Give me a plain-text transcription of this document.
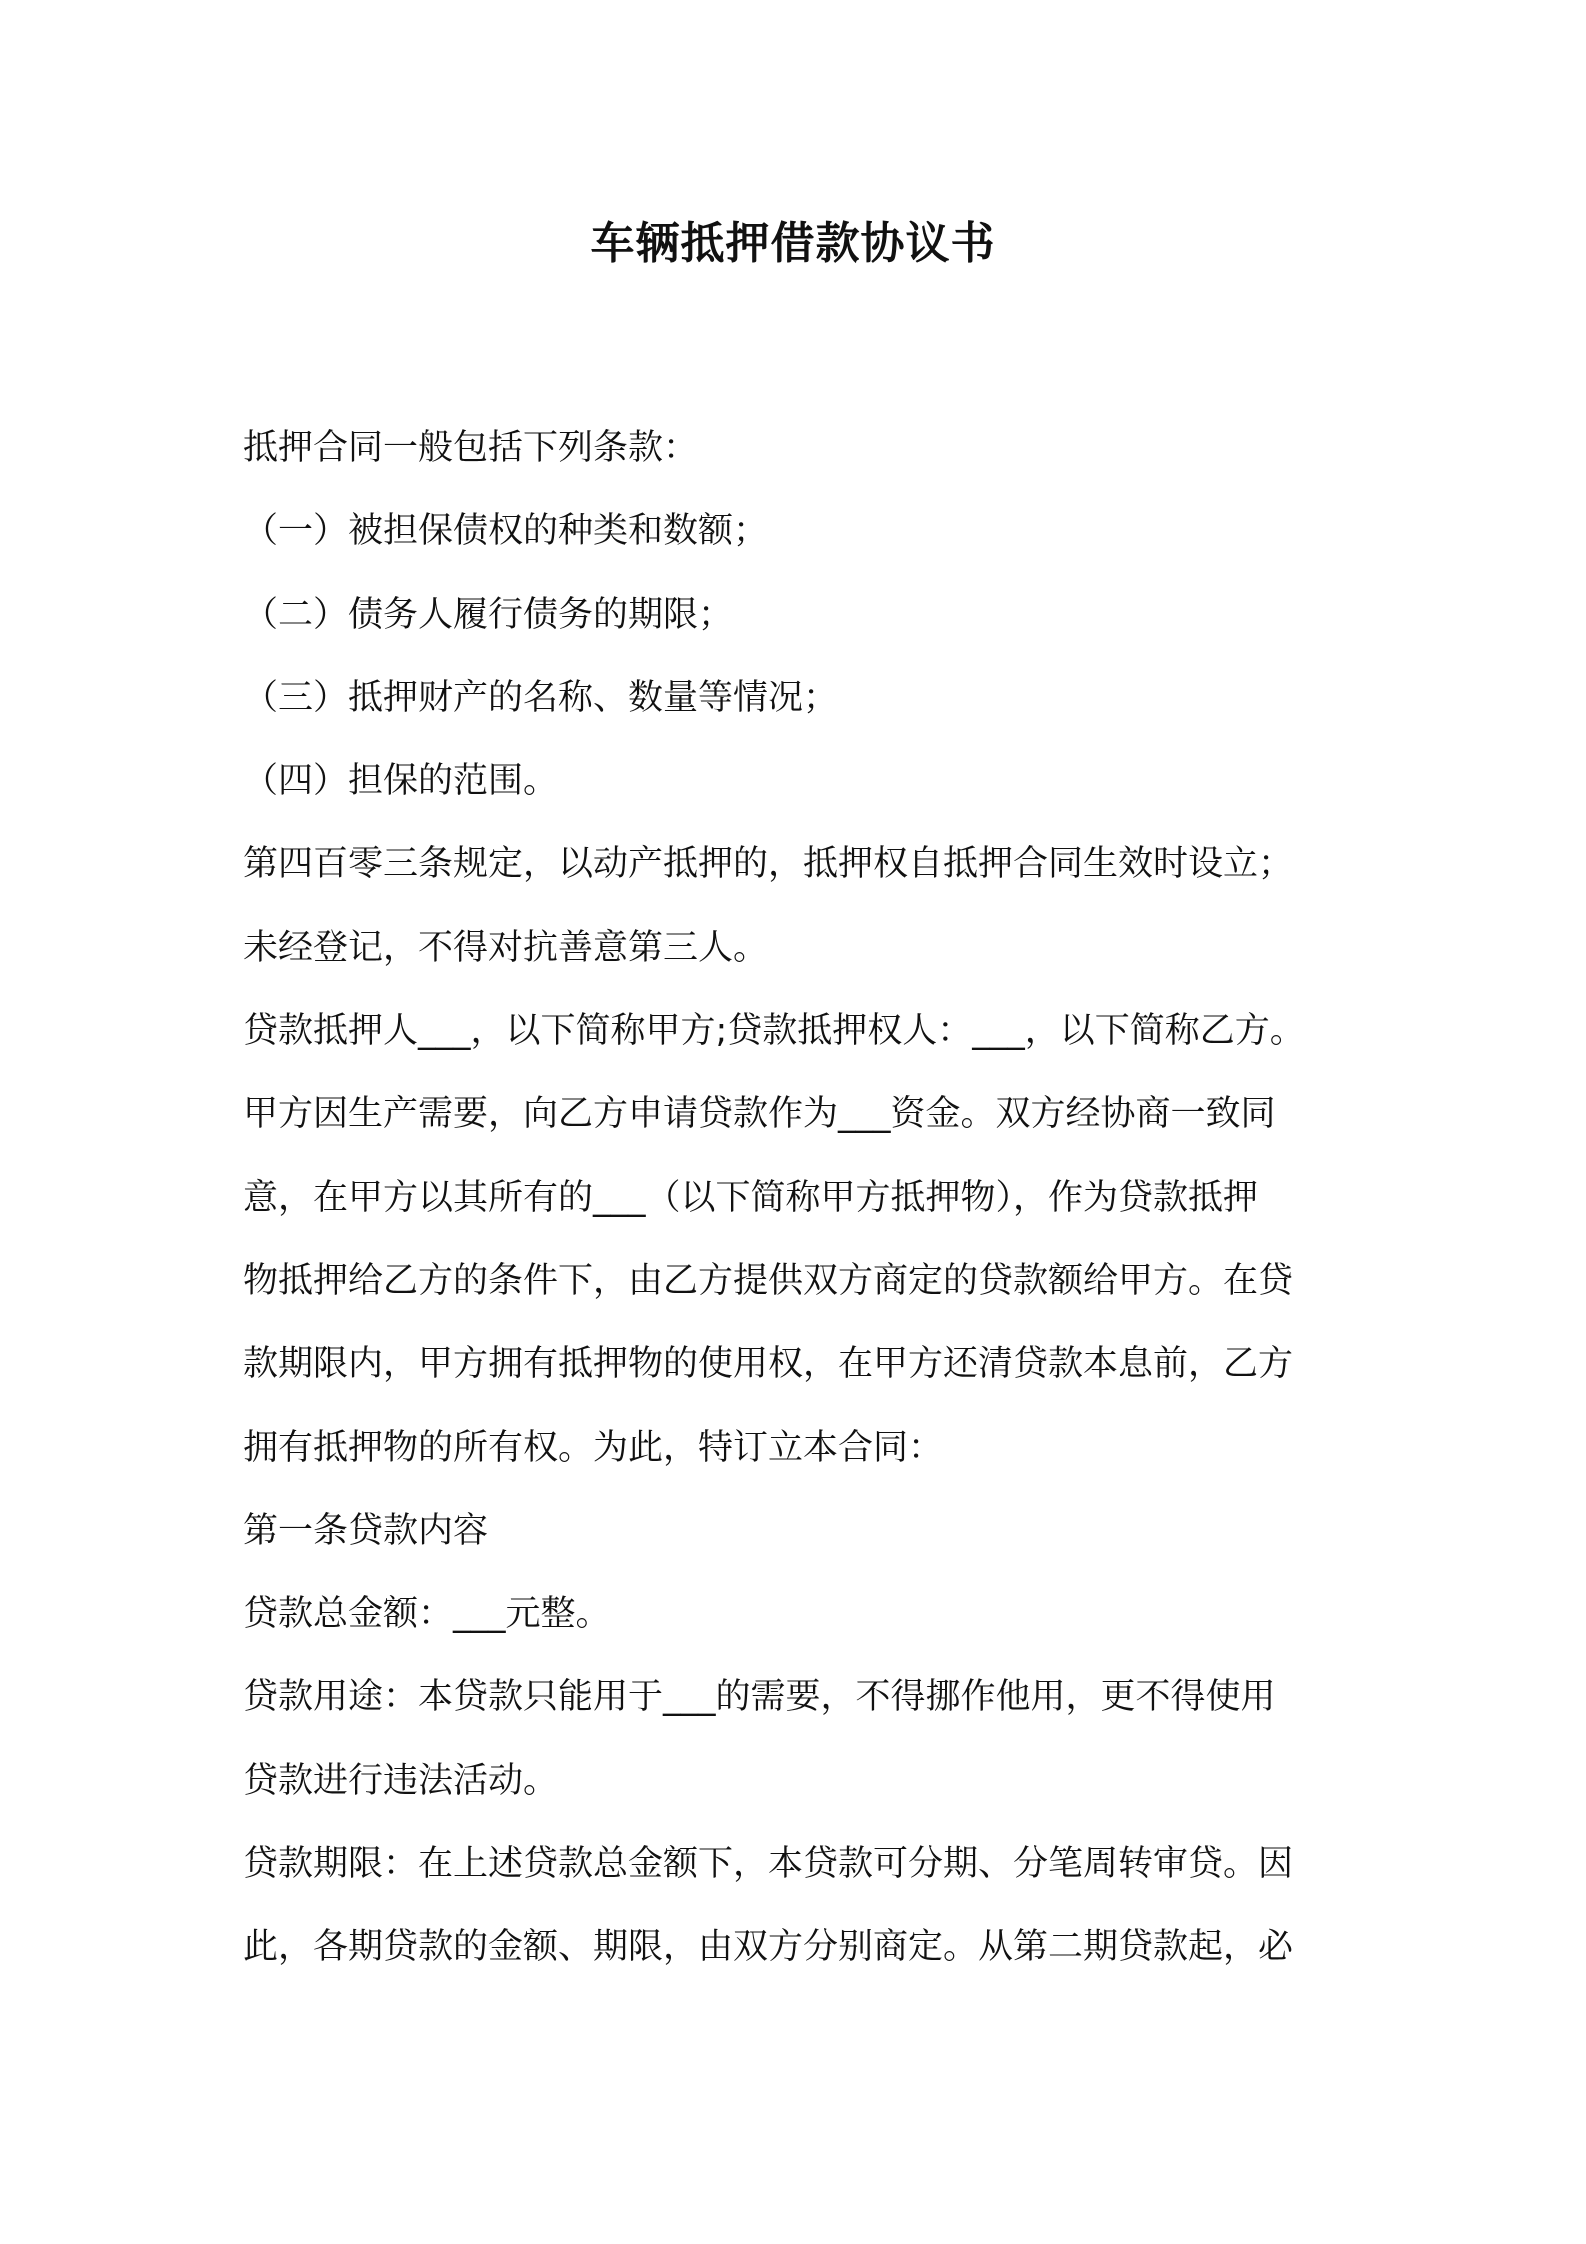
车辆抵押借款协议书

抵押合同一般包括下列条款：

（一）被担保债权的种类和数额；

（二）债务人履行债务的期限；

（三）抵押财产的名称、数量等情况；

（四）担保的范围。

第四百零三条规定，以动产抵押的，抵押权自抵押合同生效时设立；

未经登记，不得对抗善意第三人。

贷款抵押人___，以下简称甲方;贷款抵押权人：___，以下简称乙方。

甲方因生产需要，向乙方申请贷款作为___资金。双方经协商一致同

意，在甲方以其所有的___（以下简称甲方抵押物），作为贷款抵押

物抵押给乙方的条件下，由乙方提供双方商定的贷款额给甲方。在贷

款期限内，甲方拥有抵押物的使用权，在甲方还清贷款本息前，乙方

拥有抵押物的所有权。为此，特订立本合同：

第一条贷款内容

贷款总金额：___元整。

贷款用途：本贷款只能用于___的需要，不得挪作他用，更不得使用

贷款进行违法活动。

贷款期限：在上述贷款总金额下，本贷款可分期、分笔周转审贷。因

此，各期贷款的金额、期限，由双方分别商定。从第二期贷款起，必
